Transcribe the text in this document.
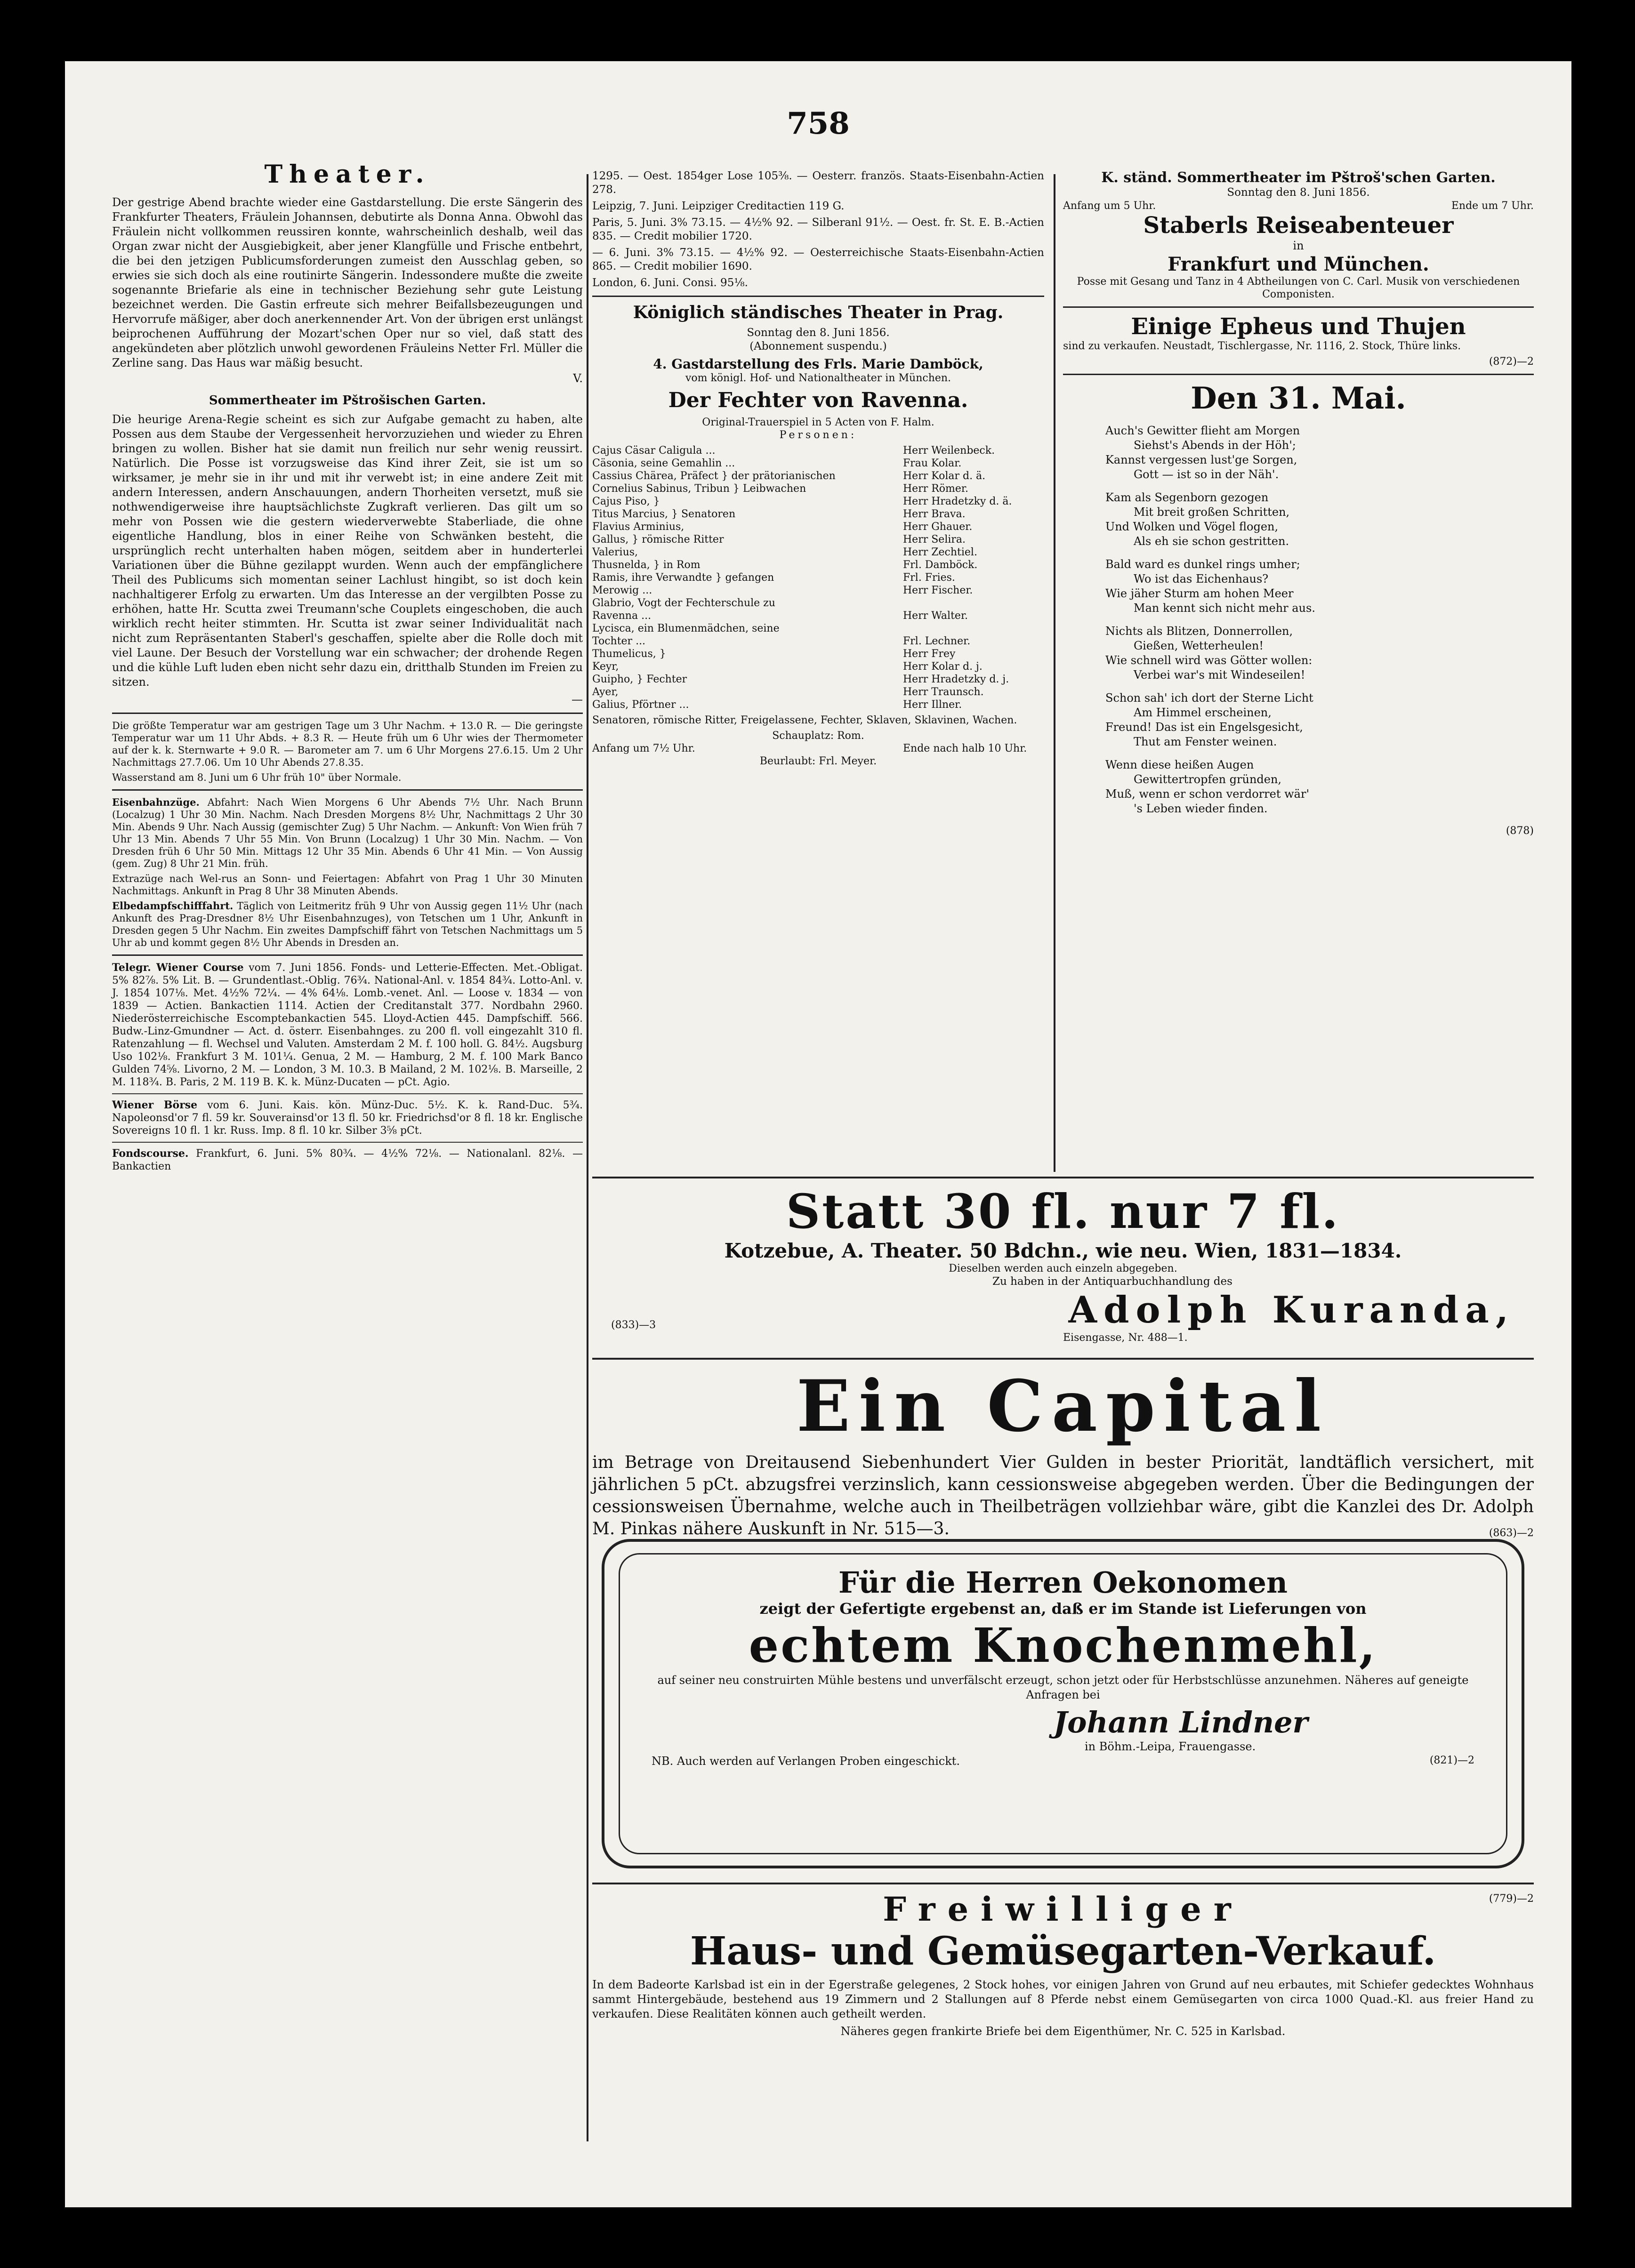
758
Theater.

Der gestrige Abend brachte wieder eine Gastdarstellung. Die erste Sängerin des Frankfurter Theaters, Fräulein Johannsen, debutirte als Donna Anna. Obwohl das Fräulein nicht vollkommen reussiren konnte, wahrscheinlich deshalb, weil das Organ zwar nicht der Ausgiebigkeit, aber jener Klangfülle und Frische entbehrt, die bei den jetzigen Publicumsforderungen zumeist den Ausschlag geben, so erwies sie sich doch als eine routinirte Sängerin. Indessondere mußte die zweite sogenannte Briefarie als eine in technischer Beziehung sehr gute Leistung bezeichnet werden. Die Gastin erfreute sich mehrer Beifallsbezeugungen und Hervorrufe mäßiger, aber doch anerkennender Art. Von der übrigen erst unlängst beiprochenen Aufführung der Mozart'schen Oper nur so viel, daß statt des angekündeten aber plötzlich unwohl gewordenen Fräuleins Netter Frl. Müller die Zerline sang. Das Haus war mäßig besucht.

V.
Sommertheater im Pštrošischen Garten.

Die heurige Arena-Regie scheint es sich zur Aufgabe gemacht zu haben, alte Possen aus dem Staube der Vergessenheit hervorzuziehen und wieder zu Ehren bringen zu wollen. Bisher hat sie damit nun freilich nur sehr wenig reussirt. Natürlich. Die Posse ist vorzugsweise das Kind ihrer Zeit, sie ist um so wirksamer, je mehr sie in ihr und mit ihr verwebt ist; in eine andere Zeit mit andern Interessen, andern Anschauungen, andern Thorheiten versetzt, muß sie nothwendigerweise ihre hauptsächlichste Zugkraft verlieren. Das gilt um so mehr von Possen wie die gestern wiederverwebte Staberliade, die ohne eigentliche Handlung, blos in einer Reihe von Schwänken besteht, die ursprünglich recht unterhalten haben mögen, seitdem aber in hunderterlei Variationen über die Bühne gezilappt wurden. Wenn auch der empfänglichere Theil des Publicums sich momentan seiner Lachlust hingibt, so ist doch kein nachhaltigerer Erfolg zu erwarten. Um das Interesse an der vergilbten Posse zu erhöhen, hatte Hr. Scutta zwei Treumann'sche Couplets eingeschoben, die auch wirklich recht heiter stimmten. Hr. Scutta ist zwar seiner Individualität nach nicht zum Repräsentanten Staberl's geschaffen, spielte aber die Rolle doch mit viel Laune. Der Besuch der Vorstellung war ein schwacher; der drohende Regen und die kühle Luft luden eben nicht sehr dazu ein, dritthalb Stunden im Freien zu sitzen.

—

Die größte Temperatur war am gestrigen Tage um 3 Uhr Nachm. + 13.0 R. — Die geringste Temperatur war um 11 Uhr Abds. + 8.3 R. — Heute früh um 6 Uhr wies der Thermometer auf der k. k. Sternwarte + 9.0 R. — Barometer am 7. um 6 Uhr Morgens 27.6.15. Um 2 Uhr Nachmittags 27.7.06. Um 10 Uhr Abends 27.8.35.

Wasserstand am 8. Juni um 6 Uhr früh 10" über Normale.

Eisenbahnzüge. Abfahrt: Nach Wien Morgens 6 Uhr Abends 7½ Uhr. Nach Brunn (Localzug) 1 Uhr 30 Min. Nachm. Nach Dresden Morgens 8½ Uhr, Nachmittags 2 Uhr 30 Min. Abends 9 Uhr. Nach Aussig (gemischter Zug) 5 Uhr Nachm. — Ankunft: Von Wien früh 7 Uhr 13 Min. Abends 7 Uhr 55 Min. Von Brunn (Localzug) 1 Uhr 30 Min. Nachm. — Von Dresden früh 6 Uhr 50 Min. Mittags 12 Uhr 35 Min. Abends 6 Uhr 41 Min. — Von Aussig (gem. Zug) 8 Uhr 21 Min. früh.

Extrazüge nach Wel-rus an Sonn- und Feiertagen: Abfahrt von Prag 1 Uhr 30 Minuten Nachmittags. Ankunft in Prag 8 Uhr 38 Minuten Abends.

Elbedampfschifffahrt. Täglich von Leitmeritz früh 9 Uhr von Aussig gegen 11½ Uhr (nach Ankunft des Prag-Dresdner 8½ Uhr Eisenbahnzuges), von Tetschen um 1 Uhr, Ankunft in Dresden gegen 5 Uhr Nachm. Ein zweites Dampfschiff fährt von Tetschen Nachmittags um 5 Uhr ab und kommt gegen 8½ Uhr Abends in Dresden an.

Telegr. Wiener Course vom 7. Juni 1856. Fonds- und Letterie-Effecten. Met.-Obligat. 5% 82⅞. 5% Lit. B. — Grundentlast.-Oblig. 76¾. National-Anl. v. 1854 84¾. Lotto-Anl. v. J. 1854 107⅛. Met. 4½% 72¼. — 4% 64⅛. Lomb.-venet. Anl. — Loose v. 1834 — von 1839 — Actien. Bankactien 1114. Actien der Creditanstalt 377. Nordbahn 2960. Niederösterreichische Escomptebankactien 545. Lloyd-Actien 445. Dampfschiff. 566. Budw.-Linz-Gmundner — Act. d. österr. Eisenbahnges. zu 200 fl. voll eingezahlt 310 fl. Ratenzahlung — fl. Wechsel und Valuten. Amsterdam 2 M. f. 100 holl. G. 84½. Augsburg Uso 102⅛. Frankfurt 3 M. 101¼. Genua, 2 M. — Hamburg, 2 M. f. 100 Mark Banco Gulden 74⅝. Livorno, 2 M. — London, 3 M. 10.3. B Mailand, 2 M. 102⅛. B. Marseille, 2 M. 118¾. B. Paris, 2 M. 119 B. K. k. Münz-Ducaten — pCt. Agio.

Wiener Börse vom 6. Juni. Kais. kön. Münz-Duc. 5½. K. k. Rand-Duc. 5¾. Napoleonsd'or 7 fl. 59 kr. Souverainsd'or 13 fl. 50 kr. Friedrichsd'or 8 fl. 18 kr. Englische Sovereigns 10 fl. 1 kr. Russ. Imp. 8 fl. 10 kr. Silber 3⅝ pCt.

Fondscourse. Frankfurt, 6. Juni. 5% 80¾. — 4½% 72⅛. — Nationalanl. 82⅛. — Bankactien

1295. — Oest. 1854ger Lose 105⅜. — Oesterr. französ. Staats-Eisenbahn-Actien 278.

Leipzig, 7. Juni. Leipziger Creditactien 119 G.

Paris, 5. Juni. 3% 73.15. — 4½% 92. — Silberanl 91½. — Oest. fr. St. E. B.-Actien 835. — Credit mobilier 1720.

— 6. Juni. 3% 73.15. — 4½% 92. — Oesterreichische Staats-Eisenbahn-Actien 865. — Credit mobilier 1690.

London, 6. Juni. Consi. 95⅛.

Königlich ständisches Theater in Prag.
Sonntag den 8. Juni 1856.
(Abonnement suspendu.)
4. Gastdarstellung des Frls. Marie Damböck,
vom königl. Hof- und Nationaltheater in München.
Der Fechter von Ravenna.
Original-Trauerspiel in 5 Acten von F. Halm.
Personen:
Cajus Cäsar Caligula ...	Herr Weilenbeck.
Cäsonia, seine Gemahlin ...	Frau Kolar.
Cassius Chärea, Präfect } der prätorianischen	Herr Kolar d. ä.
Cornelius Sabinus, Tribun } Leibwachen	Herr Römer.
Cajus Piso, }	Herr Hradetzky d. ä.
Titus Marcius, } Senatoren	Herr Brava.
Flavius Arminius,	Herr Ghauer.
Gallus, } römische Ritter	Herr Selira.
Valerius,	Herr Zechtiel.
Thusnelda, } in Rom	Frl. Damböck.
Ramis, ihre Verwandte } gefangen	Frl. Fries.
Merowig ...	Herr Fischer.
Glabrio, Vogt der Fechterschule zu
Ravenna ...	Herr Walter.
Lycisca, ein Blumenmädchen, seine
Tochter ...	Frl. Lechner.
Thumelicus, }	Herr Frey
Keyr,	Herr Kolar d. j.
Guipho, } Fechter	Herr Hradetzky d. j.
Ayer,	Herr Traunsch.
Galius, Pförtner ...	Herr Illner.

Senatoren, römische Ritter, Freigelassene, Fechter, Sklaven, Sklavinen, Wachen.

Schauplatz: Rom.
Anfang um 7½ Uhr.	Ende nach halb 10 Uhr.
Beurlaubt: Frl. Meyer.
K. ständ. Sommertheater im Pštroš'schen Garten.
Sonntag den 8. Juni 1856.
Anfang um 5 Uhr.	Ende um 7 Uhr.
Staberls Reiseabenteuer
in
Frankfurt und München.

Posse mit Gesang und Tanz in 4 Abtheilungen von C. Carl. Musik von verschiedenen Componisten.

Einige Epheus und Thujen

sind zu verkaufen. Neustadt, Tischlergasse, Nr. 1116, 2. Stock, Thüre links.

(872)—2
Den 31. Mai.
Auch's Gewitter flieht am Morgen
Siehst's Abends in der Höh';
Kannst vergessen lust'ge Sorgen,
Gott — ist so in der Näh'.
Kam als Segenborn gezogen
Mit breit großen Schritten,
Und Wolken und Vögel flogen,
Als eh sie schon gestritten.
Bald ward es dunkel rings umher;
Wo ist das Eichenhaus?
Wie jäher Sturm am hohen Meer
Man kennt sich nicht mehr aus.
Nichts als Blitzen, Donnerrollen,
Gießen, Wetterheulen!
Wie schnell wird was Götter wollen:
Verbei war's mit Windeseilen!
Schon sah' ich dort der Sterne Licht
Am Himmel erscheinen,
Freund! Das ist ein Engelsgesicht,
Thut am Fenster weinen.
Wenn diese heißen Augen
Gewittertropfen gründen,
Muß, wenn er schon verdorret wär'
's Leben wieder finden.
(878)
Statt 30 fl. nur 7 fl.
Kotzebue, A. Theater. 50 Bdchn., wie neu. Wien, 1831—1834.
Dieselben werden auch einzeln abgegeben.
Zu haben in der Antiquarbuchhandlung des
(833)—3	Adolph Kuranda,
Eisengasse, Nr. 488—1.
Ein Capital

im Betrage von Dreitausend Siebenhundert Vier Gulden in bester Priorität, landtäflich versichert, mit jährlichen 5 pCt. abzugsfrei verzinslich, kann cessionsweise abgegeben werden. Über die Bedingungen der cessionsweisen Übernahme, welche auch in Theilbeträgen vollziehbar wäre, gibt die Kanzlei des Dr. Adolph M. Pinkas nähere Auskunft in Nr. 515—3.	(863)—2
Für die Herren Oekonomen
zeigt der Gefertigte ergebenst an, daß er im Stande ist Lieferungen von
echtem Knochenmehl,

auf seiner neu construirten Mühle bestens und unverfälscht erzeugt, schon jetzt oder für Herbstschlüsse anzunehmen. Näheres auf geneigte Anfragen bei

Johann Lindner
in Böhm.-Leipa, Frauengasse.
NB. Auch werden auf Verlangen Proben eingeschickt.	(821)—2
Freiwilliger	(779)—2
Haus- und Gemüsegarten-Verkauf.

In dem Badeorte Karlsbad ist ein in der Egerstraße gelegenes, 2 Stock hohes, vor einigen Jahren von Grund auf neu erbautes, mit Schiefer gedecktes Wohnhaus sammt Hintergebäude, bestehend aus 19 Zimmern und 2 Stallungen auf 8 Pferde nebst einem Gemüsegarten von circa 1000 Quad.-Kl. aus freier Hand zu verkaufen. Diese Realitäten können auch getheilt werden.

Näheres gegen frankirte Briefe bei dem Eigenthümer, Nr. C. 525 in Karlsbad.
